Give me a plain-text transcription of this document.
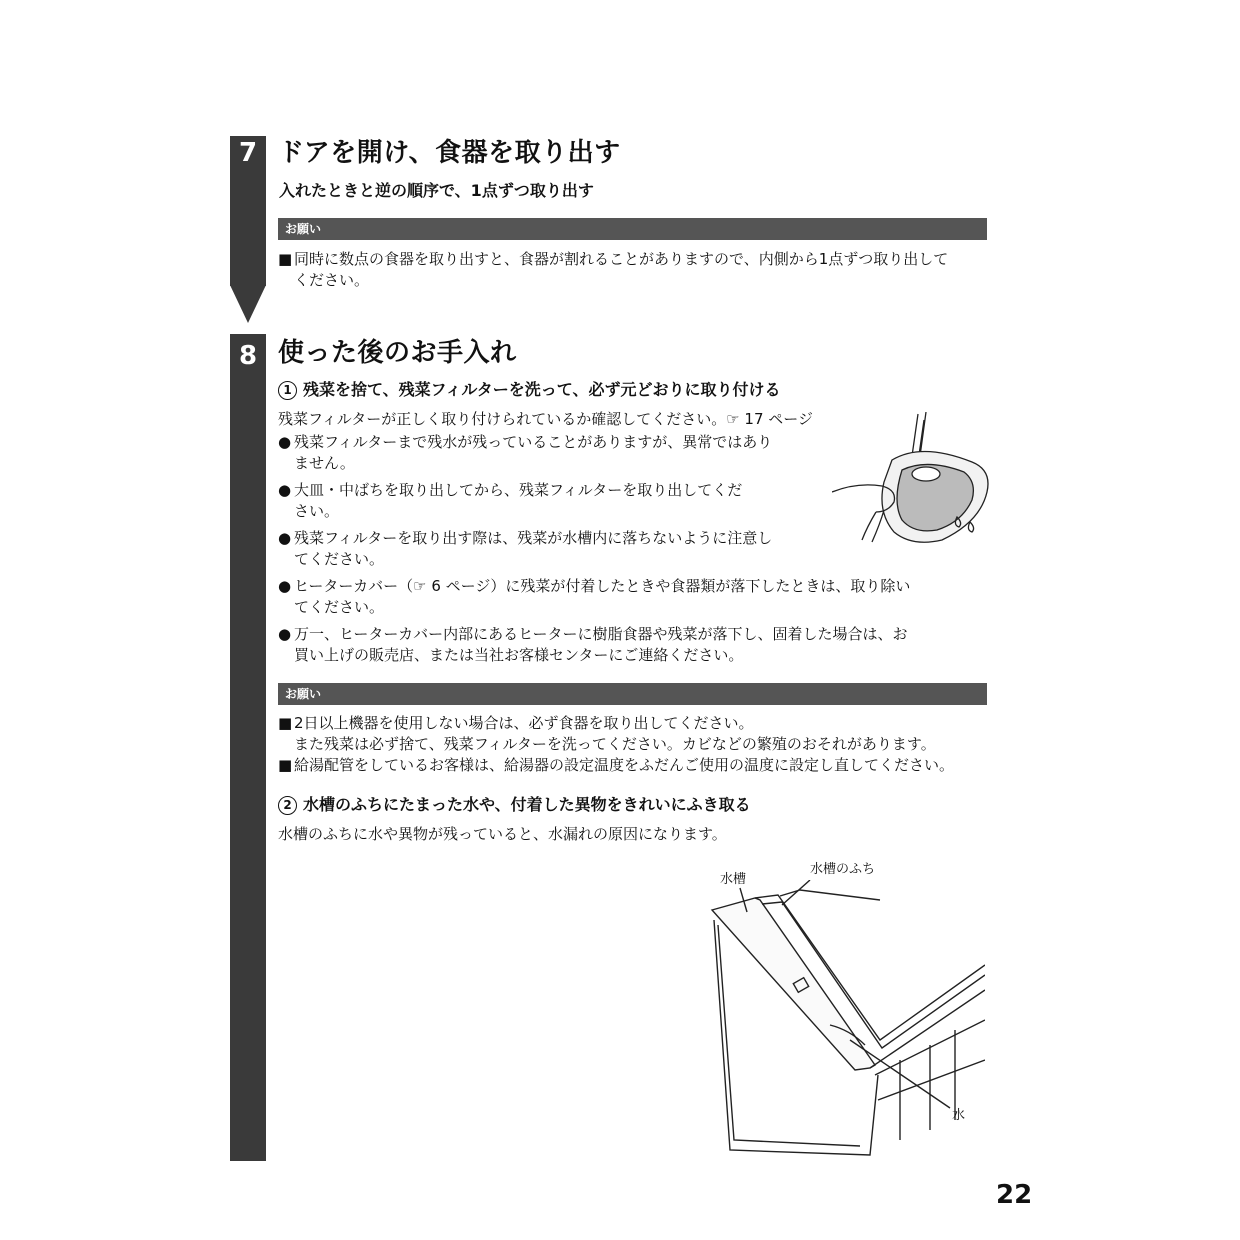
7
8
ドアを開け、食器を取り出す
入れたときと逆の順序で、1点ずつ取り出す
お願い
■ 同時に数点の食器を取り出すと、食器が割れることがありますので、内側から1点ずつ取り出して
ください。
使った後のお手入れ
1 残菜を捨て、残菜フィルターを洗って、必ず元どおりに取り付ける
残菜フィルターが正しく取り付けられているか確認してください。☞ 17 ページ
● 残菜フィルターまで残水が残っていることがありますが、異常ではあり
ません。
● 大皿・中ばちを取り出してから、残菜フィルターを取り出してくだ
さい。
● 残菜フィルターを取り出す際は、残菜が水槽内に落ちないように注意し
てください。
● ヒーターカバー（☞ 6 ページ）に残菜が付着したときや食器類が落下したときは、取り除い
てください。
● 万一、ヒーターカバー内部にあるヒーターに樹脂食器や残菜が落下し、固着した場合は、お
買い上げの販売店、または当社お客様センターにご連絡ください。
お願い
■ 2日以上機器を使用しない場合は、必ず食器を取り出してください。
また残菜は必ず捨て、残菜フィルターを洗ってください。カビなどの繁殖のおそれがあります。
■ 給湯配管をしているお客様は、給湯器の設定温度をふだんご使用の温度に設定し直してください。
2 水槽のふちにたまった水や、付着した異物をきれいにふき取る
水槽のふちに水や異物が残っていると、水漏れの原因になります。
水槽
水槽のふち
水
22
